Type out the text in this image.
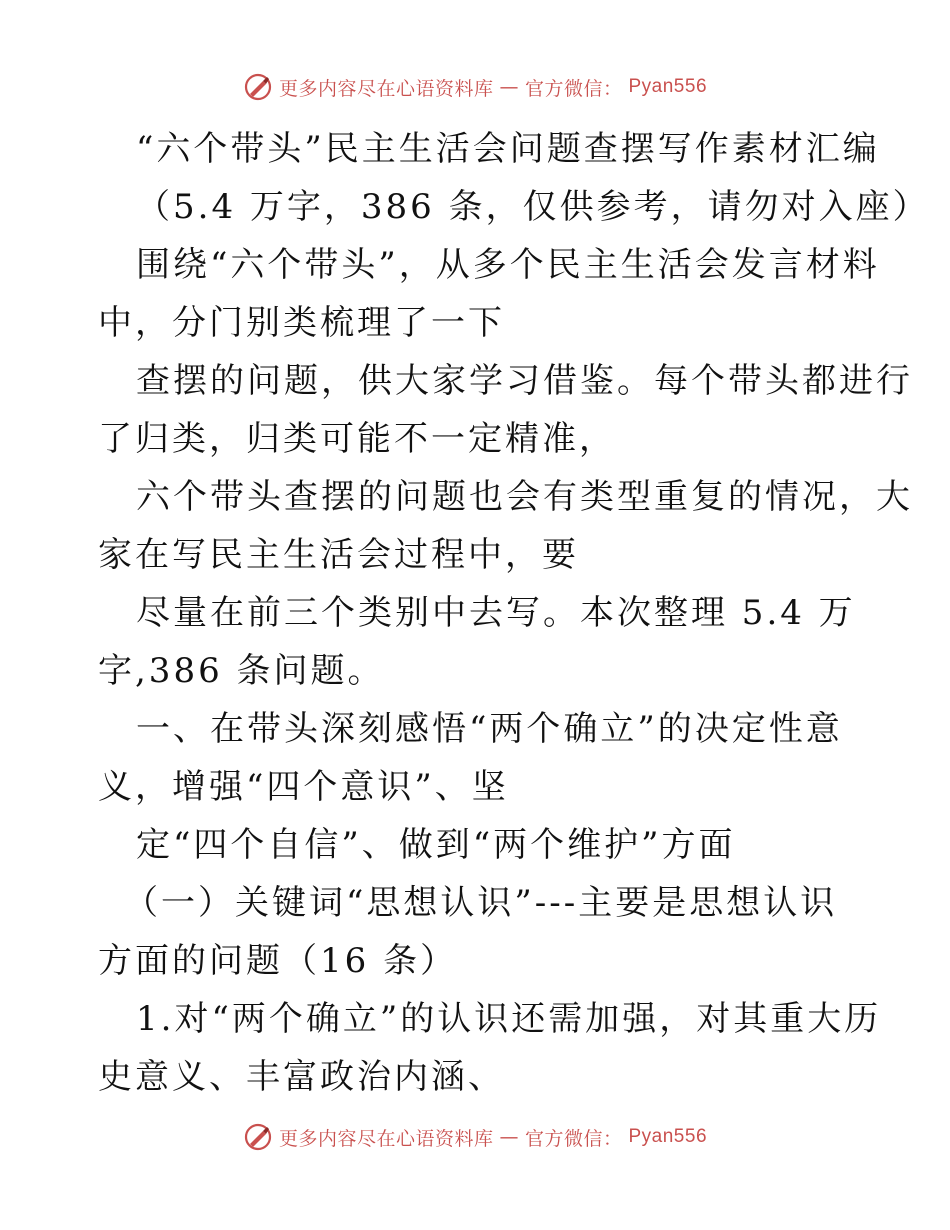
更多内容尽在心语资料库 — 官方微信： Pyan556
“六个带头”民主生活会问题查摆写作素材汇编
（5.4 万字，386 条，仅供参考，请勿对入座）
围绕“六个带头”，从多个民主生活会发言材料
中，分门别类梳理了一下
查摆的问题，供大家学习借鉴。每个带头都进行
了归类，归类可能不一定精准，
六个带头查摆的问题也会有类型重复的情况，大
家在写民主生活会过程中，要
尽量在前三个类别中去写。本次整理 5.4 万
字,386 条问题。
一、在带头深刻感悟“两个确立”的决定性意
义，增强“四个意识”、坚
定“四个自信”、做到“两个维护”方面
（一）关键词“思想认识”---主要是思想认识
方面的问题（16 条）
1.对“两个确立”的认识还需加强，对其重大历
史意义、丰富政治内涵、
更多内容尽在心语资料库 — 官方微信： Pyan556
